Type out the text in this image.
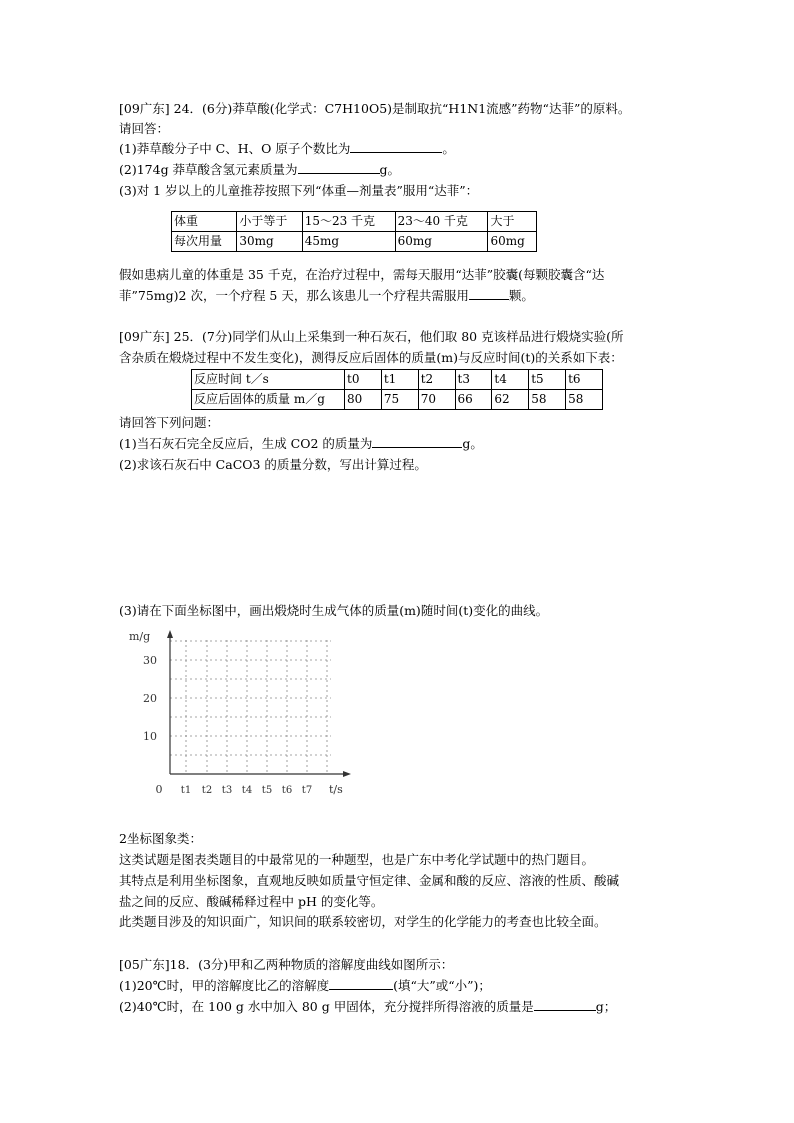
[09广东] 24．(6分)莽草酸(化学式：C7H10O5)是制取抗“H1N1流感”药物“达菲”的原料。
请回答：
(1)莽草酸分子中 C、H、O 原子个数比为	。
(2)174g 莽草酸含氢元素质量为	g。
(3)对 1 岁以上的儿童推荐按照下列“体重—剂量表”服用“达菲”：
体重	小于等于	15～23 千克	23～40 千克	大于
每次用量	30mg	45mg	60mg	60mg
假如患病儿童的体重是 35 千克，在治疗过程中，需每天服用“达菲”胶囊(每颗胶囊含“达
菲”75mg)2 次，一个疗程 5 天，那么该患儿一个疗程共需服用	颗。
[09广东] 25．(7分)同学们从山上采集到一种石灰石，他们取 80 克该样品进行煅烧实验(所
含杂质在煅烧过程中不发生变化)，测得反应后固体的质量(m)与反应时间(t)的关系如下表：
反应时间 t／s	t0	t1	t2	t3	t4	t5	t6
反应后固体的质量 m／g	80	75	70	66	62	58	58
请回答下列问题：
(1)当石灰石完全反应后，生成 CO2 的质量为	g。
(2)求该石灰石中 CaCO3 的质量分数，写出计算过程。
(3)请在下面坐标图中，画出煅烧时生成气体的质量(m)随时间(t)变化的曲线。
m/g
30
20
10
0 t1 t2 t3 t4 t5 t6 t7 t/s
2坐标图象类：
这类试题是图表类题目的中最常见的一种题型，也是广东中考化学试题中的热门题目。
其特点是利用坐标图象，直观地反映如质量守恒定律、金属和酸的反应、溶液的性质、酸碱
盐之间的反应、酸碱稀释过程中 pH 的变化等。
此类题目涉及的知识面广，知识间的联系较密切，对学生的化学能力的考查也比较全面。
[05广东]18．(3分)甲和乙两种物质的溶解度曲线如图所示：
(1)20℃时，甲的溶解度比乙的溶解度	(填“大”或“小”)；
(2)40℃时，在 100 g 水中加入 80 g 甲固体，充分搅拌所得溶液的质量是	g；
